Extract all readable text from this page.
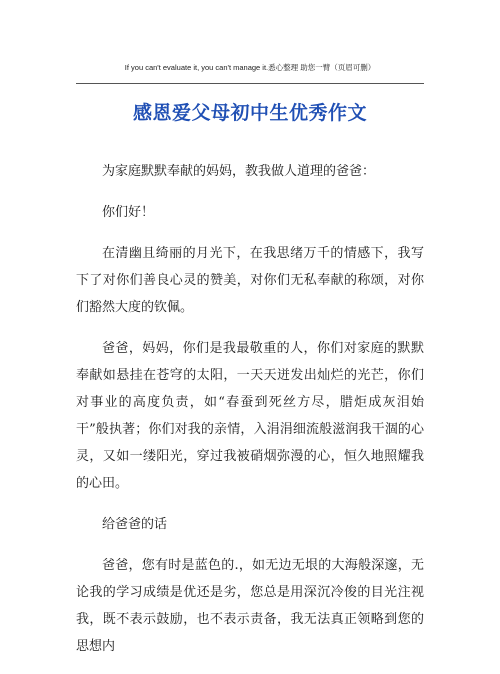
If you can't evaluate it, you can't manage it.悉心整理 助您一臂（页眉可删）
感恩爱父母初中生优秀作文

为家庭默默奉献的妈妈，教我做人道理的爸爸：

你们好！

在清幽且绮丽的月光下，在我思绪万千的情感下，我写下了对你们善良心灵的赞美，对你们无私奉献的称颂，对你们豁然大度的钦佩。

爸爸，妈妈，你们是我最敬重的人，你们对家庭的默默奉献如悬挂在苍穹的太阳，一天天迸发出灿烂的光芒，你们对事业的高度负责，如“春蚕到死丝方尽，腊炬成灰泪始干”般执著；你们对我的亲情，入涓涓细流般滋润我干涸的心灵，又如一缕阳光，穿过我被硝烟弥漫的心，恒久地照耀我的心田。

给爸爸的话

爸爸，您有时是蓝色的.，如无边无垠的大海般深邃，无论我的学习成绩是优还是劣，您总是用深沉冷俊的目光注视我，既不表示鼓励，也不表示责备，我无法真正领略到您的思想内
